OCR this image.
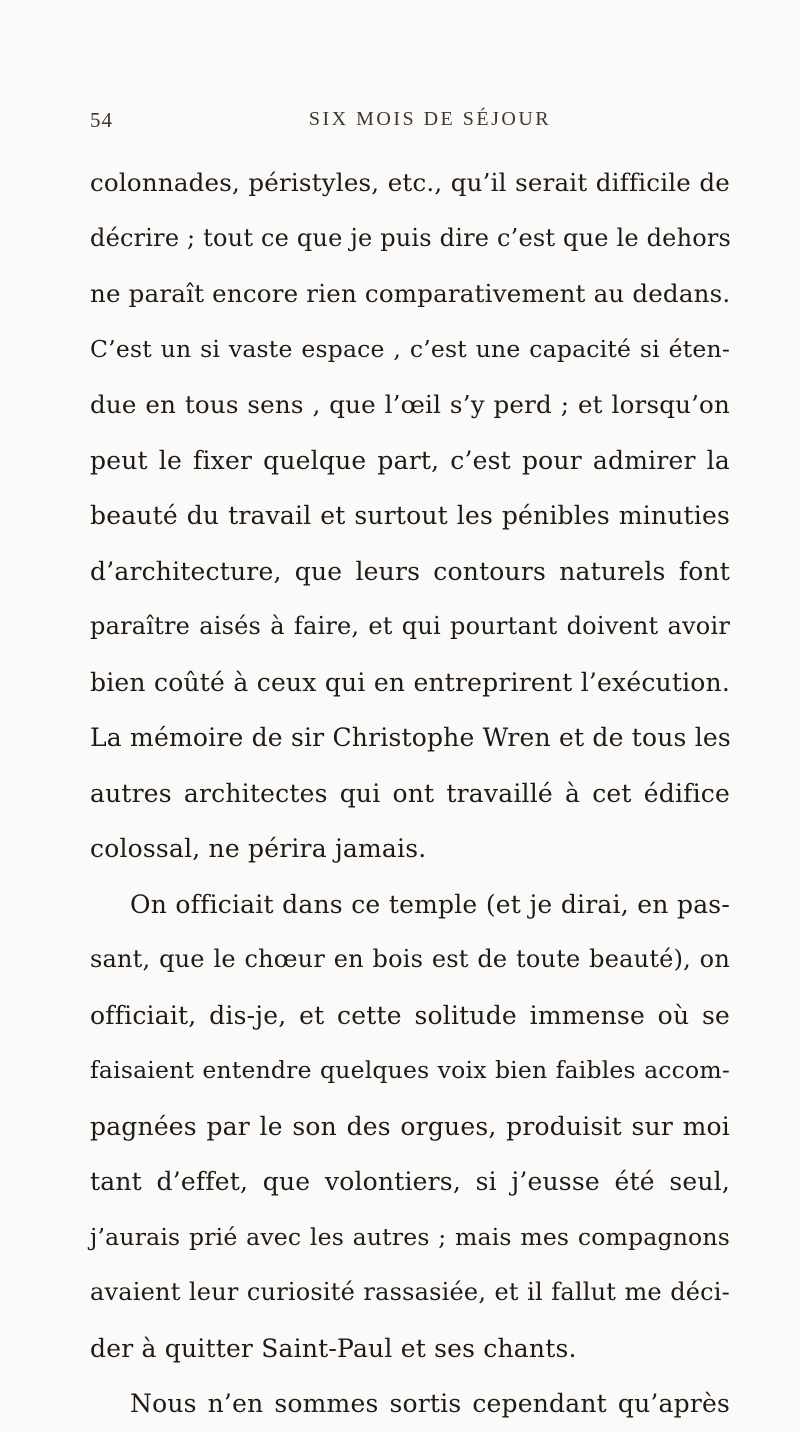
54	SIX MOIS DE SÉJOUR
colonnades, péristyles, etc., qu’il serait difficile de
décrire ; tout ce que je puis dire c’est que le dehors
ne paraît encore rien comparativement au dedans.
C’est un si vaste espace , c’est une capacité si éten-
due en tous sens , que l’œil s’y perd ; et lorsqu’on
peut le fixer quelque part, c’est pour admirer la
beauté du travail et surtout les pénibles minuties
d’architecture, que leurs contours naturels font
paraître aisés à faire, et qui pourtant doivent avoir
bien coûté à ceux qui en entreprirent l’exécution.
La mémoire de sir Christophe Wren et de tous les
autres architectes qui ont travaillé à cet édifice
colossal, ne périra jamais.
On officiait dans ce temple (et je dirai, en pas-
sant, que le chœur en bois est de toute beauté), on
officiait, dis-je, et cette solitude immense où se
faisaient entendre quelques voix bien faibles accom-
pagnées par le son des orgues, produisit sur moi
tant d’effet, que volontiers, si j’eusse été seul,
j’aurais prié avec les autres ; mais mes compagnons
avaient leur curiosité rassasiée, et il fallut me déci-
der à quitter Saint-Paul et ses chants.
Nous n’en sommes sortis cependant qu’après
